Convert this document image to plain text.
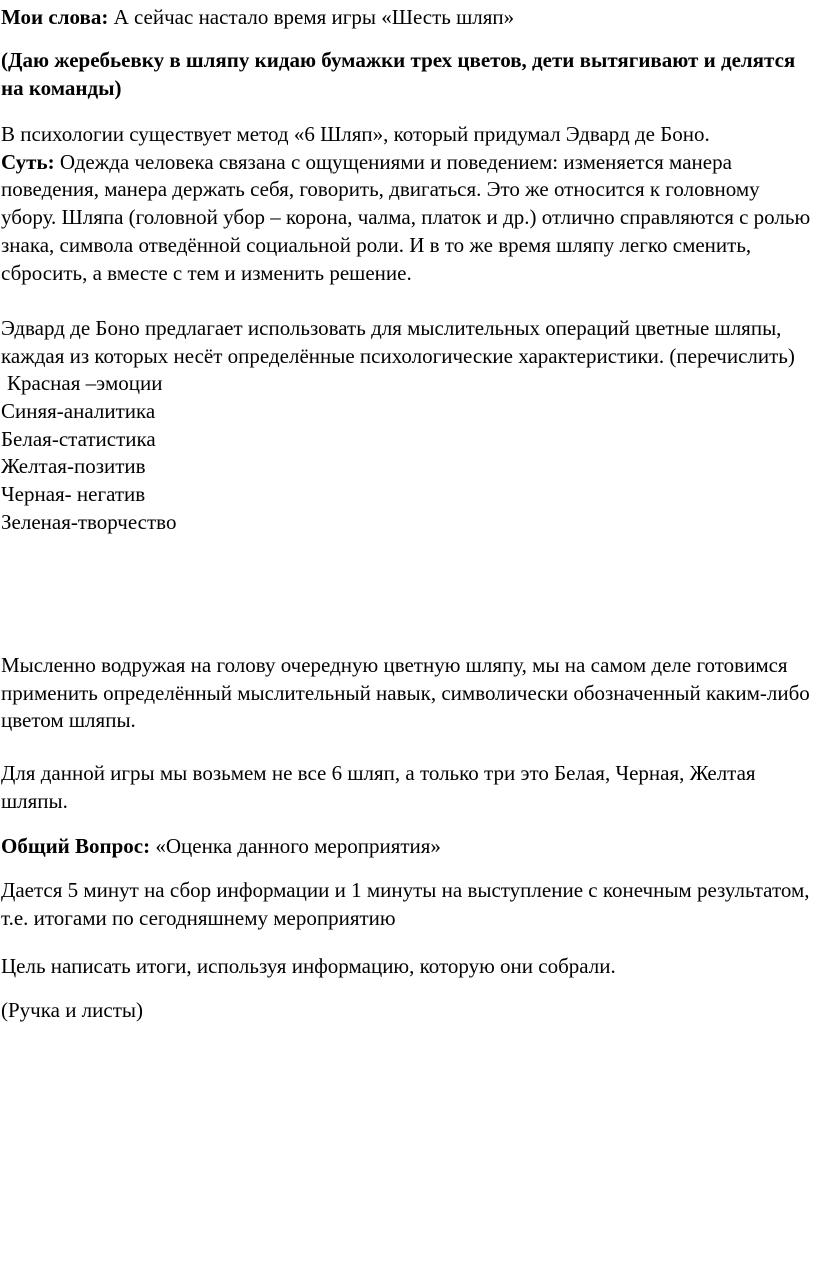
Мои слова: А сейчас настало время игры «Шесть шляп»

(Даю жеребьевку в шляпу кидаю бумажки трех цветов, дети вытягивают и делятся на команды)

В психологии существует метод «6 Шляп», который придумал Эдвард де Боно.

Суть: Одежда человека связана с ощущениями и поведением: изменяется манера поведения, манера держать себя, говорить, двигаться. Это же относится к головному убору. Шляпа (головной убор – корона, чалма, платок и др.) отлично справляются с ролью знака, символа отведённой социальной роли. И в то же время шляпу легко сменить, сбросить, а вместе с тем и изменить решение.

Эдвард де Боно предлагает использовать для мыслительных операций цветные шляпы, каждая из которых несёт определённые психологические характеристики. (перечислить)

Красная –эмоции

Синяя-аналитика

Белая-статистика

Желтая-позитив

Черная- негатив

Зеленая-творчество

Мысленно водружая на голову очередную цветную шляпу, мы на самом деле готовимся применить определённый мыслительный навык, символически обозначенный каким-либо цветом шляпы.

Для данной игры мы возьмем не все 6 шляп, а только три это Белая, Черная, Желтая шляпы.

Общий Вопрос: «Оценка данного мероприятия»

Дается 5 минут на сбор информации и 1 минуты на выступление с конечным результатом, т.е. итогами по сегодняшнему мероприятию

Цель написать итоги, используя информацию, которую они собрали.

(Ручка и листы)
